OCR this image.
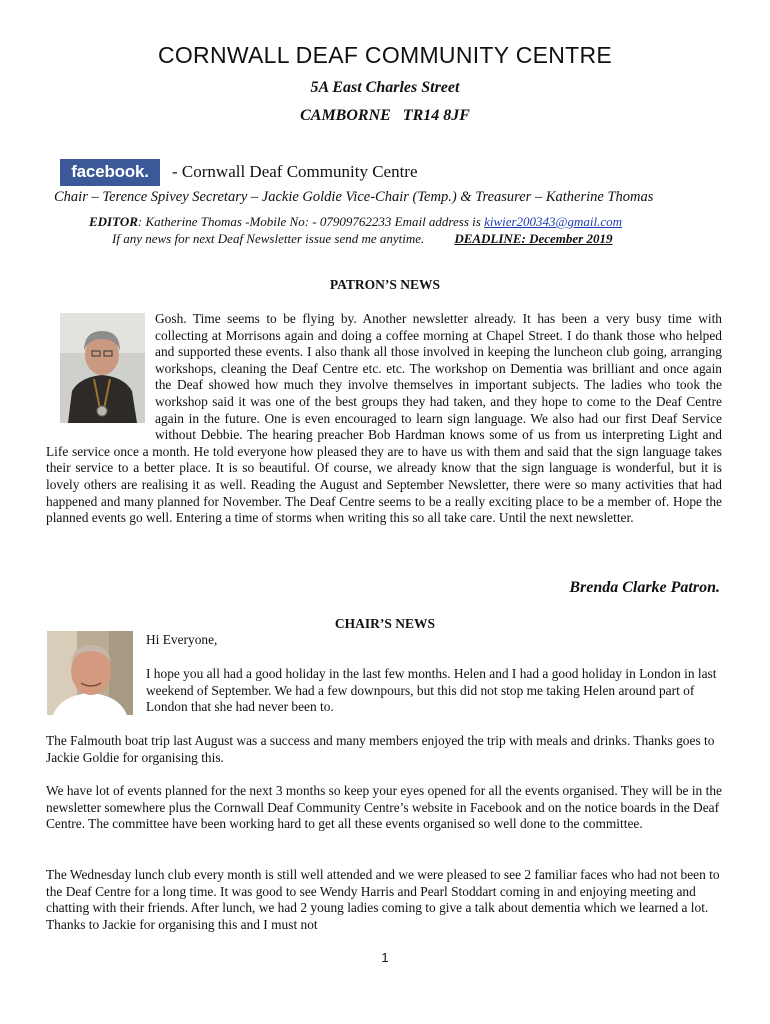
CORNWALL DEAF COMMUNITY CENTRE
5A East Charles Street
CAMBORNE   TR14 8JF
facebook.	- Cornwall Deaf Community Centre
Chair – Terence Spivey Secretary – Jackie Goldie Vice-Chair (Temp.) & Treasurer – Katherine Thomas
EDITOR: Katherine Thomas -Mobile No: - 07909762233 Email address is kiwier200343@gmail.com
If any news for next Deaf Newsletter issue send me anytime. DEADLINE: December 2019
PATRON’S NEWS

Gosh. Time seems to be flying by. Another newsletter already. It has been a very busy time with collecting at Morrisons again and doing a coffee morning at Chapel Street. I do thank those who helped and supported these events. I also thank all those involved in keeping the luncheon club going, arranging workshops, cleaning the Deaf Centre etc. etc. The workshop on Dementia was brilliant and once again the Deaf showed how much they involve themselves in important subjects. The ladies who took the workshop said it was one of the best groups they had taken, and they hope to come to the Deaf Centre again in the future. One is even encouraged to learn sign language. We also had our first Deaf Service without Debbie. The hearing preacher Bob Hardman knows some of us from us interpreting Light and Life service once a month. He told everyone how pleased they are to have us with them and said that the sign language takes their service to a better place. It is so beautiful. Of course, we already know that the sign language is wonderful, but it is lovely others are realising it as well. Reading the August and September Newsletter, there were so many activities that had happened and many planned for November. The Deaf Centre seems to be a really exciting place to be a member of. Hope the planned events go well. Entering a time of storms when writing this so all take care. Until the next newsletter.

Brenda Clarke Patron.
CHAIR’S NEWS
Hi Everyone,

I hope you all had a good holiday in the last few months. Helen and I had a good holiday in London in last weekend of September. We had a few downpours, but this did not stop me taking Helen around part of London that she had never been to.

The Falmouth boat trip last August was a success and many members enjoyed the trip with meals and drinks. Thanks goes to Jackie Goldie for organising this.

We have lot of events planned for the next 3 months so keep your eyes opened for all the events organised. They will be in the newsletter somewhere plus the Cornwall Deaf Community Centre’s website in Facebook and on the notice boards in the Deaf Centre. The committee have been working hard to get all these events organised so well done to the committee.

The Wednesday lunch club every month is still well attended and we were pleased to see 2 familiar faces who had not been to the Deaf Centre for a long time. It was good to see Wendy Harris and Pearl Stoddart coming in and enjoying meeting and chatting with their friends. After lunch, we had 2 young ladies coming to give a talk about dementia which we learned a lot. Thanks to Jackie for organising this and I must not

1
